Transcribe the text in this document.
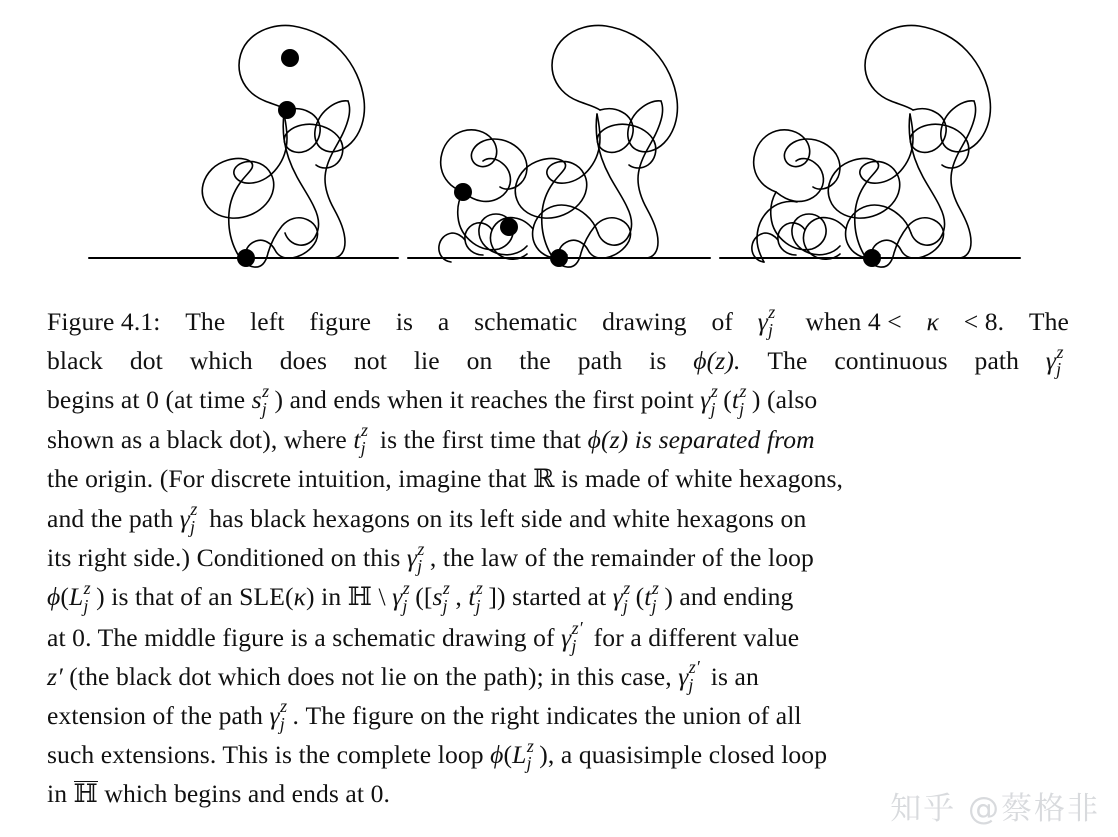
Figure 4.1: The left figure is a schematic drawing of γ z
j when 4 < κ < 8. The
black dot which does not lie on the path is ϕ(z). The continuous path γ z
j
begins at 0 (at time s z
j ) and ends when it reaches the first point γ z
j (t z
j ) (also
shown as a black dot), where t z
j is the first time that ϕ(z) is separated from
the origin. (For discrete intuition, imagine that ℝ is made of white hexagons,
and the path γ z
j has black hexagons on its left side and white hexagons on
its right side.) Conditioned on this γ z
j , the law of the remainder of the loop
ϕ(L z
j ) is that of an SLE(κ) in ℍ \ γ z
j ([s z
j , t z
j ]) started at γ z
j (t z
j ) and ending
at 0. The middle figure is a schematic drawing of γ z′
j for a different value
z′ (the black dot which does not lie on the path); in this case, γ z′
j is an
extension of the path γ z
j . The figure on the right indicates the union of all
such extensions. This is the complete loop ϕ(L z
j ), a quasisimple closed loop
in ℍ which begins and ends at 0.	知乎 @蔡格非
